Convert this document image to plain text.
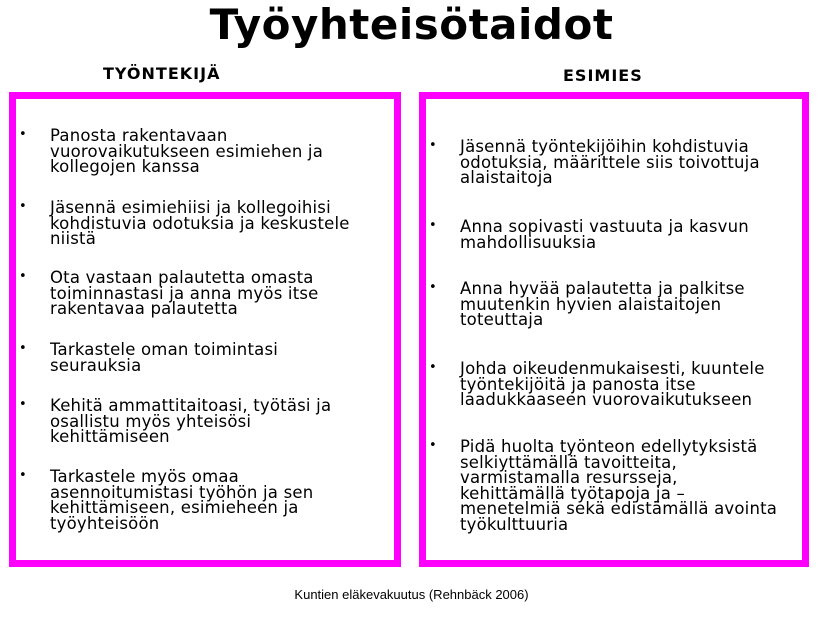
Työyhteisötaidot
TYÖNTEKIJÄ	ESIMIES
• Panosta rakentavaan
vuorovaikutukseen esimiehen ja
kollegojen kanssa
• Jäsennä esimiehiisi ja kollegoihisi
kohdistuvia odotuksia ja keskustele
niistä
• Ota vastaan palautetta omasta
toiminnastasi ja anna myös itse
rakentavaa palautetta
• Tarkastele oman toimintasi
seurauksia
• Kehitä ammattitaitoasi, työtäsi ja
osallistu myös yhteisösi
kehittämiseen
• Tarkastele myös omaa
asennoitumistasi työhön ja sen
kehittämiseen, esimieheen ja
työyhteisöön
• Jäsennä työntekijöihin kohdistuvia
odotuksia, määrittele siis toivottuja
alaistaitoja
• Anna sopivasti vastuuta ja kasvun
mahdollisuuksia
• Anna hyvää palautetta ja palkitse
muutenkin hyvien alaistaitojen
toteuttaja
• Johda oikeudenmukaisesti, kuuntele
työntekijöitä ja panosta itse
laadukkaaseen vuorovaikutukseen
• Pidä huolta työnteon edellytyksistä
selkiyttämällä tavoitteita,
varmistamalla resursseja,
kehittämällä työtapoja ja –
menetelmiä sekä edistämällä avointa
työkulttuuria
Kuntien eläkevakuutus (Rehnbäck 2006)
